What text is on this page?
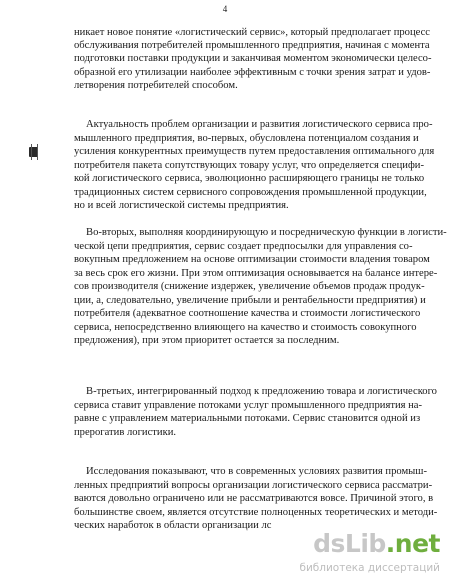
4
никает новое понятие «логистический сервис», который предполагает процесс
обслуживания потребителей промышленного предприятия, начиная с момента
подготовки поставки продукции и заканчивая моментом экономически целесо-
образной его утилизации наиболее эффективным с точки зрения затрат и удов-
летворения потребителей способом.
Актуальность проблем организации и развития логистического сервиса про-
мышленного предприятия, во-первых, обусловлена потенциалом создания и
усиления конкурентных преимуществ путем предоставления оптимального для
потребителя пакета сопутствующих товару услуг, что определяется специфи-
кой логистического сервиса, эволюционно расширяющего границы не только
традиционных систем сервисного сопровождения промышленной продукции,
но и всей логистической системы предприятия.
Во-вторых, выполняя координирующую и посредническую функции в логисти-
ческой цепи предприятия, сервис создает предпосылки для управления со-
вокупным предложением на основе оптимизации стоимости владения товаром
за весь срок его жизни. При этом оптимизация основывается на балансе интере-
сов производителя (снижение издержек, увеличение объемов продаж продук-
ции, а, следовательно, увеличение прибыли и рентабельности предприятия) и
потребителя (адекватное соотношение качества и стоимости логистического
сервиса, непосредственно влияющего на качество и стоимость совокупного
предложения), при этом приоритет остается за последним.
В-третьих, интегрированный подход к предложению товара и логистического
сервиса ставит управление потоками услуг промышленного предприятия на-
равне с управлением материальными потоками. Сервис становится одной из
прерогатив логистики.
Исследования показывают, что в современных условиях развития промыш-
ленных предприятий вопросы организации логистического сервиса рассматри-
ваются довольно ограничено или не рассматриваются вовсе. Причиной этого, в
большинстве своем, является отсутствие полноценных теоретических и методи-
ческих наработок в области организации лс
dsLib.net
библиотека диссертаций
